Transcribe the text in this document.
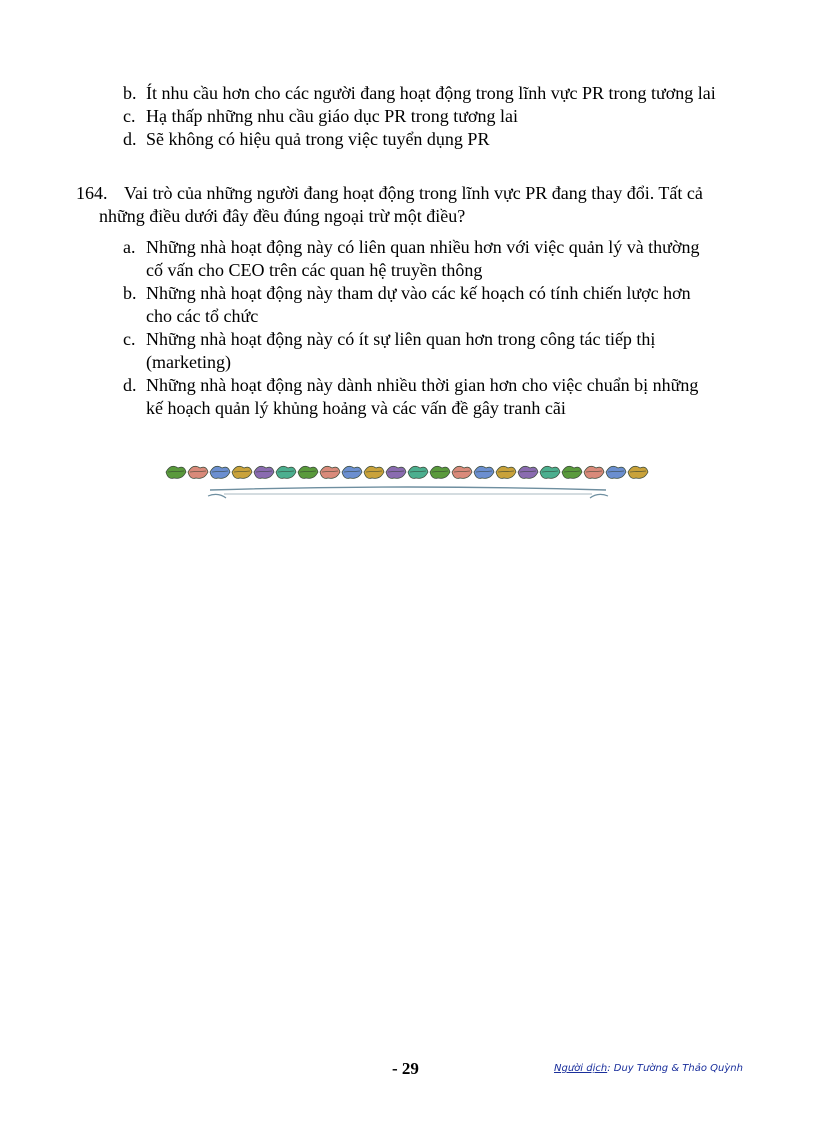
b. Ít nhu cầu hơn cho các người đang hoạt động trong lĩnh vực PR trong tương lai
c. Hạ thấp những nhu cầu giáo dục PR trong tương lai
d. Sẽ không có hiệu quả trong việc tuyển dụng PR
164. Vai trò của những người đang hoạt động trong lĩnh vực PR đang thay đổi. Tất cả
những điều dưới đây đều đúng ngoại trừ một điều?
a. Những nhà hoạt động này có liên quan nhiều hơn với việc quản lý và thường
cố vấn cho CEO trên các quan hệ truyền thông
b. Những nhà hoạt động này tham dự vào các kế hoạch có tính chiến lược hơn
cho các tổ chức
c. Những nhà hoạt động này có ít sự liên quan hơn trong công tác tiếp thị
(marketing)
d. Những nhà hoạt động này dành nhiều thời gian hơn cho việc chuẩn bị những
kế hoạch quản lý khủng hoảng và các vấn đề gây tranh cãi
- 29	Người dịch: Duy Tường & Thảo Quỳnh
